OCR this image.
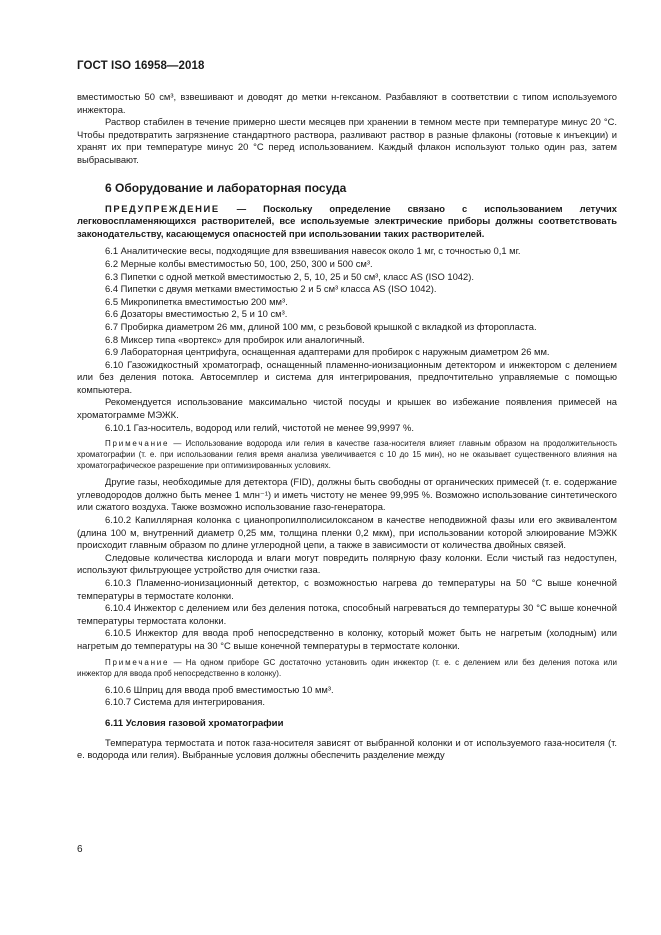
ГОСТ ISO 16958—2018

вместимостью 50 см³, взвешивают и доводят до метки н-гексаном. Разбавляют в соответствии с типом используемого инжектора.

Раствор стабилен в течение примерно шести месяцев при хранении в темном месте при температуре минус 20 °C. Чтобы предотвратить загрязнение стандартного раствора, разливают раствор в разные флаконы (готовые к инъекции) и хранят их при температуре минус 20 °C перед использованием. Каждый флакон используют только один раз, затем выбрасывают.

6 Оборудование и лабораторная посуда

ПРЕДУПРЕЖДЕНИЕ — Поскольку определение связано с использованием летучих легковоспламеняющихся растворителей, все используемые электрические приборы должны соответствовать законодательству, касающемуся опасностей при использовании таких растворителей.

6.1 Аналитические весы, подходящие для взвешивания навесок около 1 мг, с точностью 0,1 мг.
6.2 Мерные колбы вместимостью 50, 100, 250, 300 и 500 см³.
6.3 Пипетки с одной меткой вместимостью 2, 5, 10, 25 и 50 см³, класс AS (ISO 1042).
6.4 Пипетки с двумя метками вместимостью 2 и 5 см³ класса AS (ISO 1042).
6.5 Микропипетка вместимостью 200 мм³.
6.6 Дозаторы вместимостью 2, 5 и 10 см³.
6.7 Пробирка диаметром 26 мм, длиной 100 мм, с резьбовой крышкой с вкладкой из фторопласта.
6.8 Миксер типа «вортекс» для пробирок или аналогичный.
6.9 Лабораторная центрифуга, оснащенная адаптерами для пробирок с наружным диаметром 26 мм.

6.10 Газожидкостный хроматограф, оснащенный пламенно-ионизационным детектором и инжектором с делением или без деления потока. Автосемплер и система для интегрирования, предпочтительно управляемые с помощью компьютера.

Рекомендуется использование максимально чистой посуды и крышек во избежание появления примесей на хроматограмме МЭЖК.

6.10.1 Газ-носитель, водород или гелий, чистотой не менее 99,9997 %.

Примечание — Использование водорода или гелия в качестве газа-носителя влияет главным образом на продолжительность хроматографии (т. е. при использовании гелия время анализа увеличивается с 10 до 15 мин), но не оказывает существенного влияния на хроматографическое разрешение при оптимизированных условиях.

Другие газы, необходимые для детектора (FID), должны быть свободны от органических примесей (т. е. содержание углеводородов должно быть менее 1 млн⁻¹) и иметь чистоту не менее 99,995 %. Возможно использование синтетического или сжатого воздуха. Также возможно использование газо-генератора.

6.10.2 Капиллярная колонка с цианопропилполисилоксаном в качестве неподвижной фазы или его эквивалентом (длина 100 м, внутренний диаметр 0,25 мм, толщина пленки 0,2 мкм), при использовании которой элюирование МЭЖК происходит главным образом по длине углеродной цепи, а также в зависимости от количества двойных связей.

Следовые количества кислорода и влаги могут повредить полярную фазу колонки. Если чистый газ недоступен, используют фильтрующее устройство для очистки газа.

6.10.3 Пламенно-ионизационный детектор, с возможностью нагрева до температуры на 50 °C выше конечной температуры в термостате колонки.

6.10.4 Инжектор с делением или без деления потока, способный нагреваться до температуры 30 °C выше конечной температуры термостата колонки.

6.10.5 Инжектор для ввода проб непосредственно в колонку, который может быть не нагретым (холодным) или нагретым до температуры на 30 °C выше конечной температуры в термостате колонки.

Примечание — На одном приборе GC достаточно установить один инжектор (т. е. с делением или без деления потока или инжектор для ввода проб непосредственно в колонку).

6.10.6 Шприц для ввода проб вместимостью 10 мм³.

6.10.7 Система для интегрирования.

6.11 Условия газовой хроматографии

Температура термостата и поток газа-носителя зависят от выбранной колонки и от используемого газа-носителя (т. е. водорода или гелия). Выбранные условия должны обеспечить разделение между

6
